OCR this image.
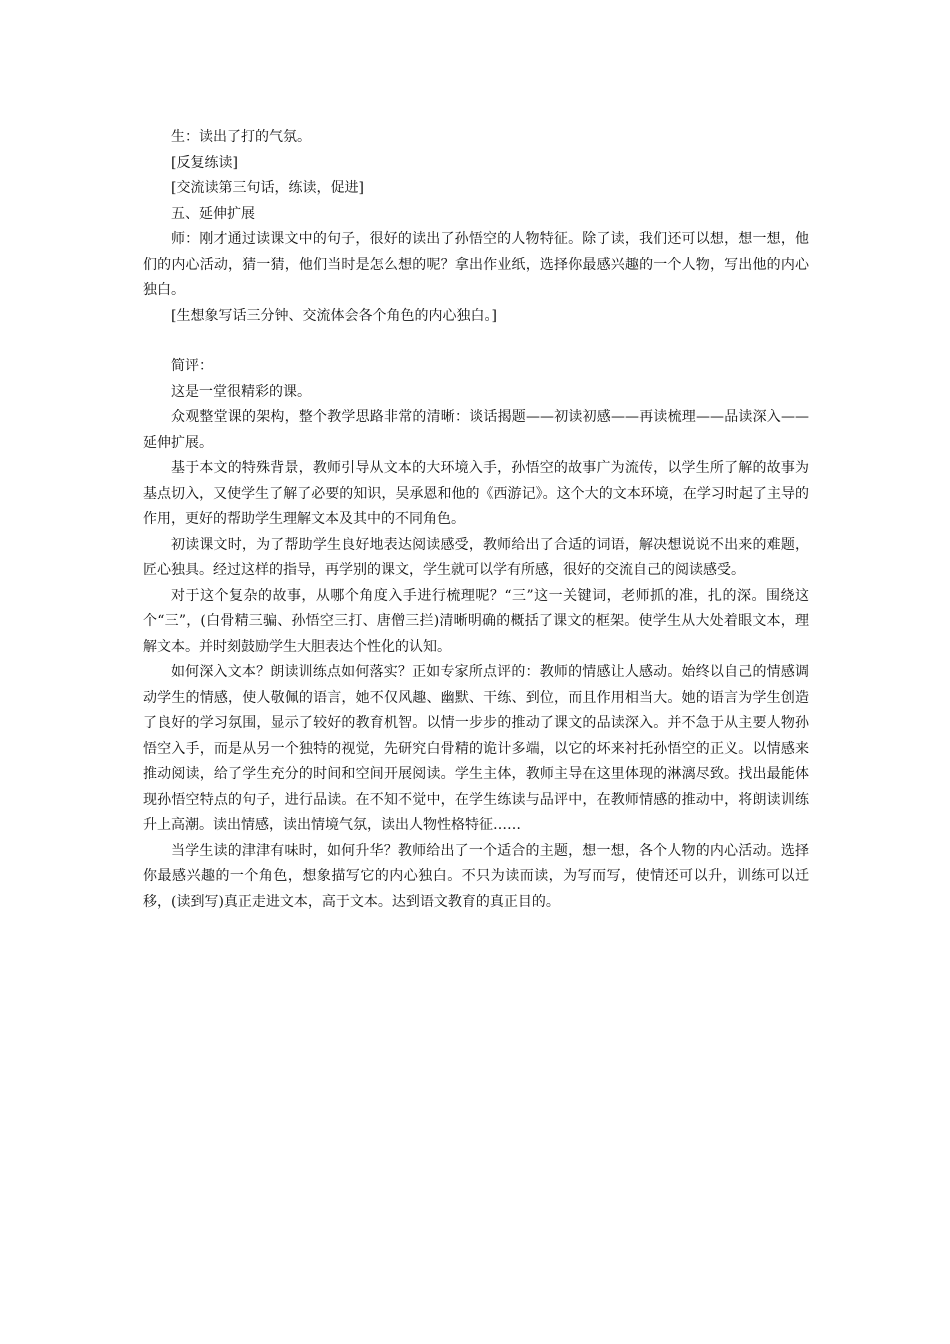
生：读出了打的气氛。

[反复练读]

[交流读第三句话，练读，促进]

五、延伸扩展

师：刚才通过读课文中的句子，很好的读出了孙悟空的人物特征。除了读，我们还可以想，想一想，他们的内心活动，猜一猜，他们当时是怎么想的呢？拿出作业纸，选择你最感兴趣的一个人物，写出他的内心独白。

[生想象写话三分钟、交流体会各个角色的内心独白。]

简评：

这是一堂很精彩的课。

众观整堂课的架构，整个教学思路非常的清晰：谈话揭题——初读初感——再读梳理——品读深入——延伸扩展。

基于本文的特殊背景，教师引导从文本的大环境入手，孙悟空的故事广为流传，以学生所了解的故事为基点切入，又使学生了解了必要的知识，吴承恩和他的《西游记》。这个大的文本环境，在学习时起了主导的作用，更好的帮助学生理解文本及其中的不同角色。

初读课文时，为了帮助学生良好地表达阅读感受，教师给出了合适的词语，解决想说说不出来的难题，匠心独具。经过这样的指导，再学别的课文，学生就可以学有所感，很好的交流自己的阅读感受。

对于这个复杂的故事，从哪个角度入手进行梳理呢？“三”这一关键词，老师抓的准，扎的深。围绕这个“三”，(白骨精三骗、孙悟空三打、唐僧三拦)清晰明确的概括了课文的框架。使学生从大处着眼文本，理解文本。并时刻鼓励学生大胆表达个性化的认知。

如何深入文本？朗读训练点如何落实？正如专家所点评的：教师的情感让人感动。始终以自己的情感调动学生的情感，使人敬佩的语言，她不仅风趣、幽默、干练、到位，而且作用相当大。她的语言为学生创造了良好的学习氛围，显示了较好的教育机智。以情一步步的推动了课文的品读深入。并不急于从主要人物孙悟空入手，而是从另一个独特的视觉，先研究白骨精的诡计多端，以它的坏来衬托孙悟空的正义。以情感来推动阅读，给了学生充分的时间和空间开展阅读。学生主体，教师主导在这里体现的淋漓尽致。找出最能体现孙悟空特点的句子，进行品读。在不知不觉中，在学生练读与品评中，在教师情感的推动中，将朗读训练升上高潮。读出情感，读出情境气氛，读出人物性格特征……

当学生读的津津有味时，如何升华？教师给出了一个适合的主题，想一想，各个人物的内心活动。选择你最感兴趣的一个角色，想象描写它的内心独白。不只为读而读，为写而写，使情还可以升，训练可以迁移，(读到写)真正走进文本，高于文本。达到语文教育的真正目的。
